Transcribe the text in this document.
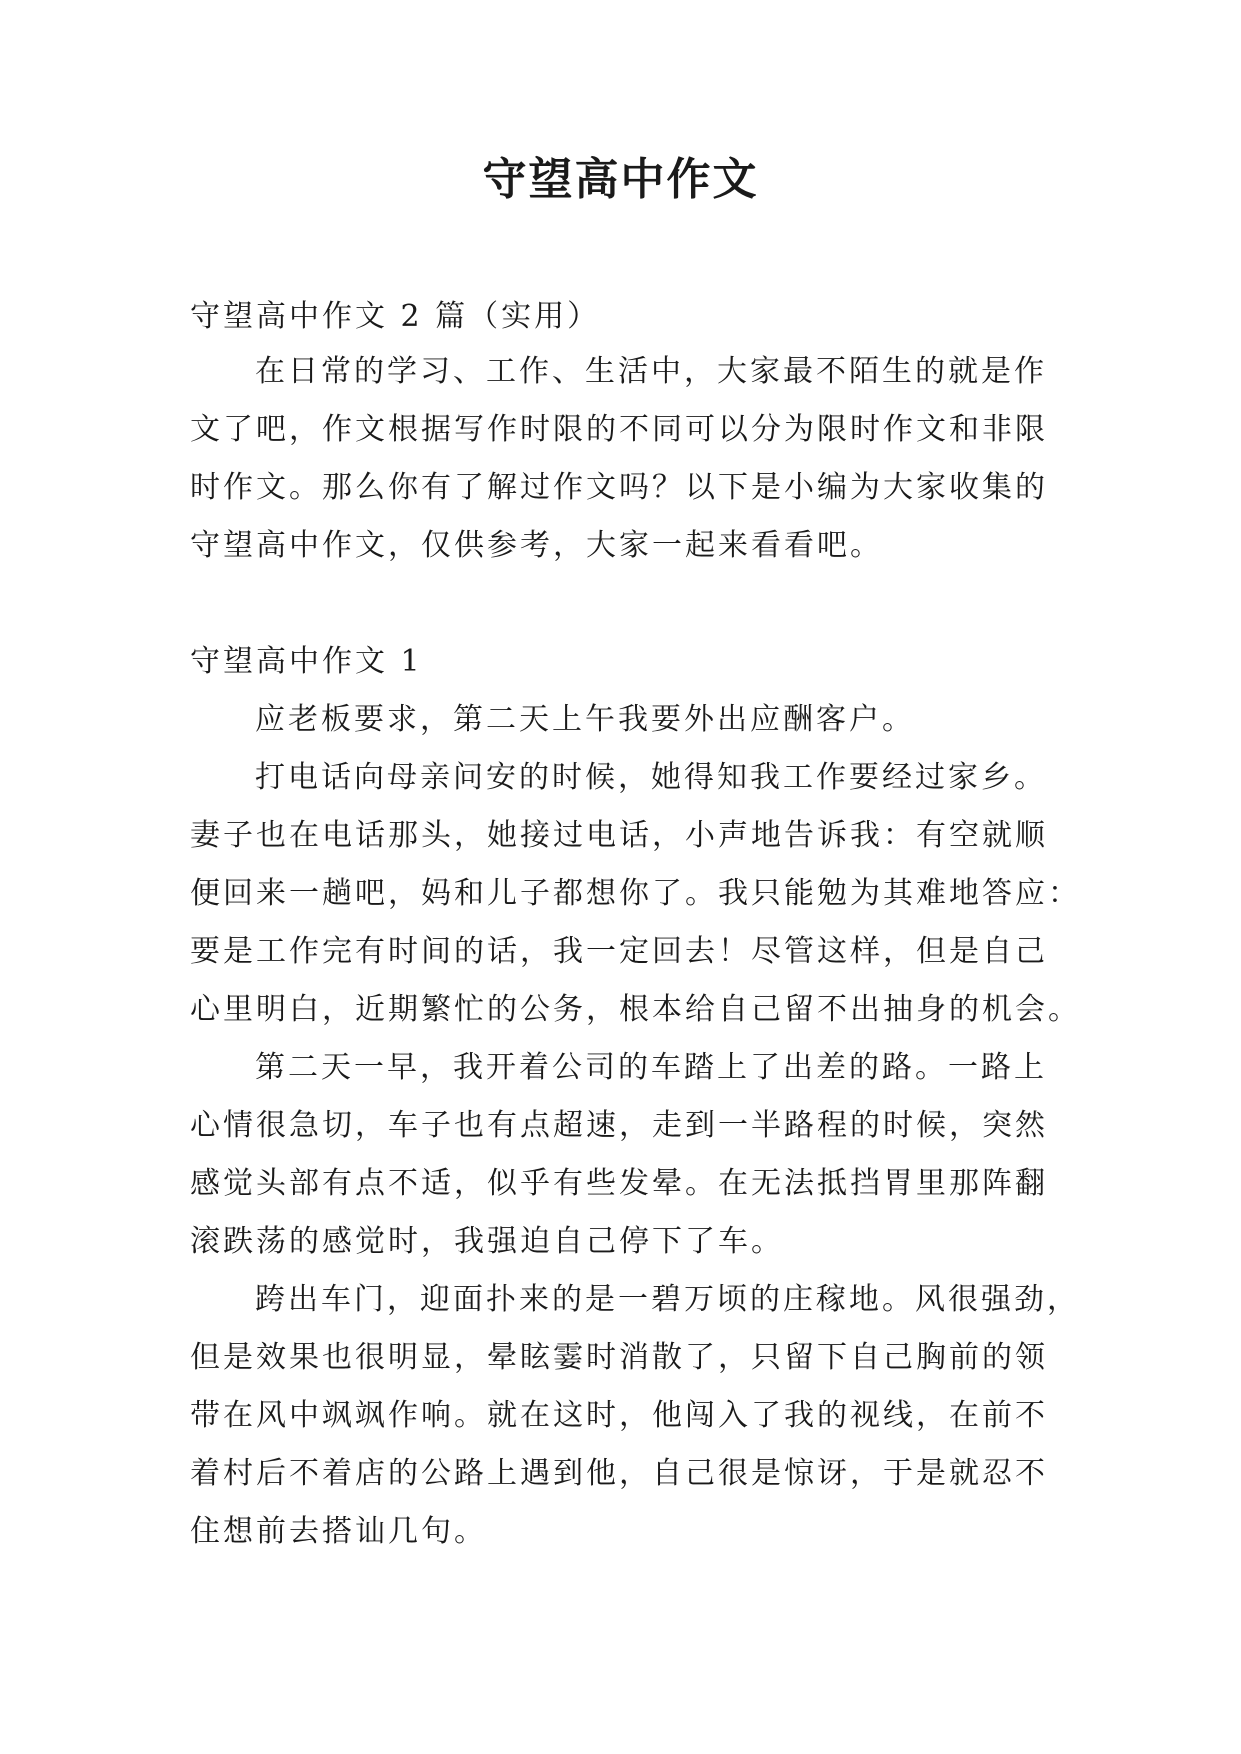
守望高中作文
守望高中作文 2 篇（实用）
在日常的学习、工作、生活中，大家最不陌生的就是作
文了吧，作文根据写作时限的不同可以分为限时作文和非限
时作文。那么你有了解过作文吗？以下是小编为大家收集的
守望高中作文，仅供参考，大家一起来看看吧。
守望高中作文 1
应老板要求，第二天上午我要外出应酬客户。
打电话向母亲问安的时候，她得知我工作要经过家乡。
妻子也在电话那头，她接过电话，小声地告诉我：有空就顺
便回来一趟吧，妈和儿子都想你了。我只能勉为其难地答应：
要是工作完有时间的话，我一定回去！尽管这样，但是自己
心里明白，近期繁忙的公务，根本给自己留不出抽身的机会。
第二天一早，我开着公司的车踏上了出差的路。一路上
心情很急切，车子也有点超速，走到一半路程的时候，突然
感觉头部有点不适，似乎有些发晕。在无法抵挡胃里那阵翻
滚跌荡的感觉时，我强迫自己停下了车。
跨出车门，迎面扑来的是一碧万顷的庄稼地。风很强劲，
但是效果也很明显，晕眩霎时消散了，只留下自己胸前的领
带在风中飒飒作响。就在这时，他闯入了我的视线，在前不
着村后不着店的公路上遇到他，自己很是惊讶，于是就忍不
住想前去搭讪几句。
